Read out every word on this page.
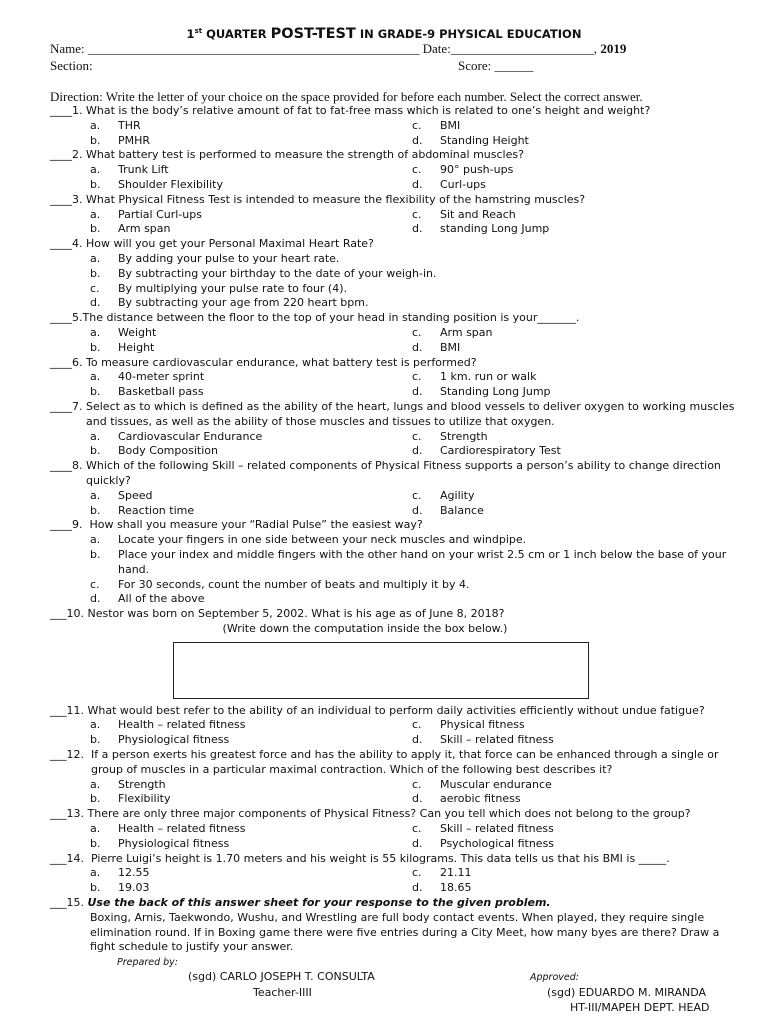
1st QUARTER POST-TEST IN GRADE-9 PHYSICAL EDUCATION
Name: ___________________________________________________ Date:______________________, 2019
Section:	Score: ______
Direction: Write the letter of your choice on the space provided for before each number. Select the correct answer.
____1. What is the body’s relative amount of fat to fat-free mass which is related to one’s height and weight?
a.	THR	c.	BMI
b.	PMHR	d.	Standing Height
____2. What battery test is performed to measure the strength of abdominal muscles?
a.	Trunk Lift	c.	90° push-ups
b.	Shoulder Flexibility	d.	Curl-ups
____3. What Physical Fitness Test is intended to measure the flexibility of the hamstring muscles?
a.	Partial Curl-ups	c.	Sit and Reach
b.	Arm span	d.	standing Long Jump
____4. How will you get your Personal Maximal Heart Rate?
a.	By adding your pulse to your heart rate.
b.	By subtracting your birthday to the date of your weigh-in.
c.	By multiplying your pulse rate to four (4).
d.	By subtracting your age from 220 heart bpm.
____5. The distance between the floor to the top of your head in standing position is your_______.
a.	Weight	c.	Arm span
b.	Height	d.	BMI
____6. To measure cardiovascular endurance, what battery test is performed?
a.	40-meter sprint	c.	1 km. run or walk
b.	Basketball pass	d.	Standing Long Jump
____7. Select as to which is defined as the ability of the heart, lungs and blood vessels to deliver oxygen to working muscles and tissues, as well as the ability of those muscles and tissues to utilize that oxygen.
a.	Cardiovascular Endurance	c.	Strength
b.	Body Composition	d.	Cardiorespiratory Test
____8. Which of the following Skill – related components of Physical Fitness supports a person’s ability to change direction quickly?
a.	Speed	c.	Agility
b.	Reaction time	d.	Balance
____9. How shall you measure your “Radial Pulse” the easiest way?
a.	Locate your fingers in one side between your neck muscles and windpipe.
b.	Place your index and middle fingers with the other hand on your wrist 2.5 cm or 1 inch below the base of your hand.
c.	For 30 seconds, count the number of beats and multiply it by 4.
d.	All of the above
___10. Nestor was born on September 5, 2002. What is his age as of June 8, 2018?
(Write down the computation inside the box below.)
___11. What would best refer to the ability of an individual to perform daily activities efficiently without undue fatigue?
a.	Health – related fitness	c.	Physical fitness
b.	Physiological fitness	d.	Skill – related fitness
___12. If a person exerts his greatest force and has the ability to apply it, that force can be enhanced through a single or group of muscles in a particular maximal contraction. Which of the following best describes it?
a.	Strength	c.	Muscular endurance
b.	Flexibility	d.	aerobic fitness
___13. There are only three major components of Physical Fitness? Can you tell which does not belong to the group?
a.	Health – related fitness	c.	Skill – related fitness
b.	Physiological fitness	d.	Psychological fitness
___14. Pierre Luigi’s height is 1.70 meters and his weight is 55 kilograms. This data tells us that his BMI is _____.
a.	12.55	c.	21.11
b.	19.03	d.	18.65
___15. Use the back of this answer sheet for your response to the given problem.
Boxing, Arnis, Taekwondo, Wushu, and Wrestling are full body contact events. When played, they require single elimination round. If in Boxing game there were five entries during a City Meet, how many byes are there? Draw a fight schedule to justify your answer.
Prepared by:
(sgd) CARLO JOSEPH T. CONSULTA
Teacher-IIII
Approved:
(sgd) EDUARDO M. MIRANDA
HT-III/MAPEH DEPT. HEAD
